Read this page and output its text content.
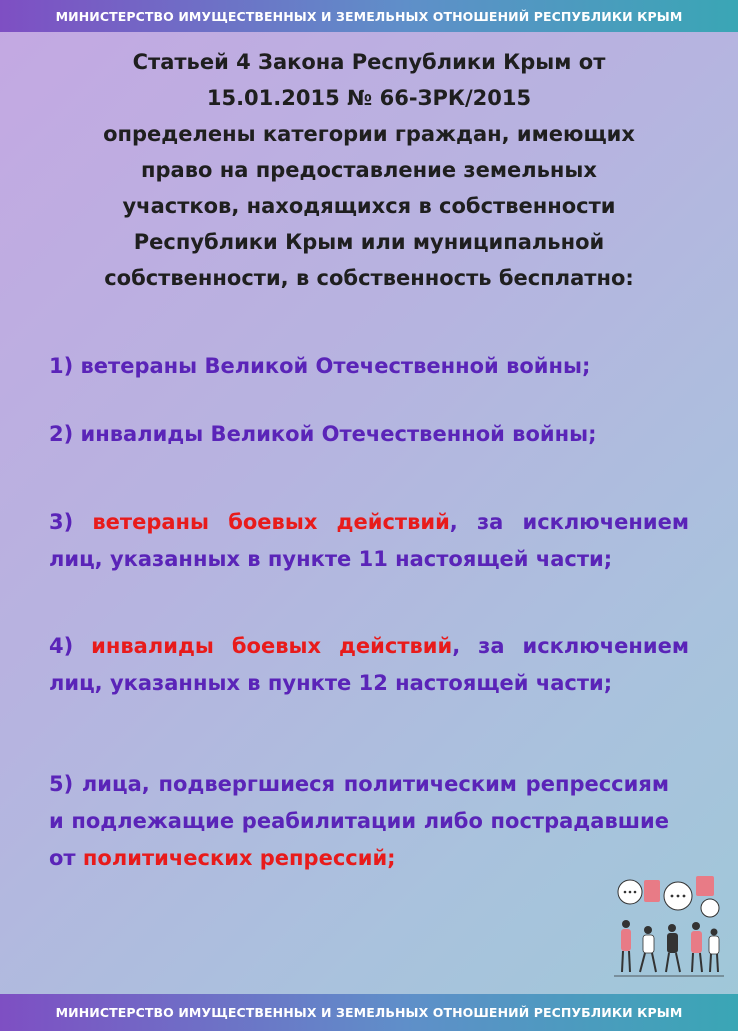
МИНИСТЕРСТВО ИМУЩЕСТВЕННЫХ И ЗЕМЕЛЬНЫХ ОТНОШЕНИЙ РЕСПУБЛИКИ КРЫМ
Статьей 4 Закона Республики Крым от
15.01.2015 № 66-ЗРК/2015
определены категории граждан, имеющих
право на предоставление земельных
участков, находящихся в собственности
Республики Крым или муниципальной
собственности, в собственность бесплатно:
1) ветераны Великой Отечественной войны;
2) инвалиды Великой Отечественной войны;
3) ветераны боевых действий, за исключением лиц, указанных в пункте 11 настоящей части;
4) инвалиды боевых действий, за исключением лиц, указанных в пункте 12 настоящей части;
5) лица, подвергшиеся политическим репрессиям и подлежащие реабилитации либо пострадавшие от политических репрессий;
МИНИСТЕРСТВО ИМУЩЕСТВЕННЫХ И ЗЕМЕЛЬНЫХ ОТНОШЕНИЙ РЕСПУБЛИКИ КРЫМ
